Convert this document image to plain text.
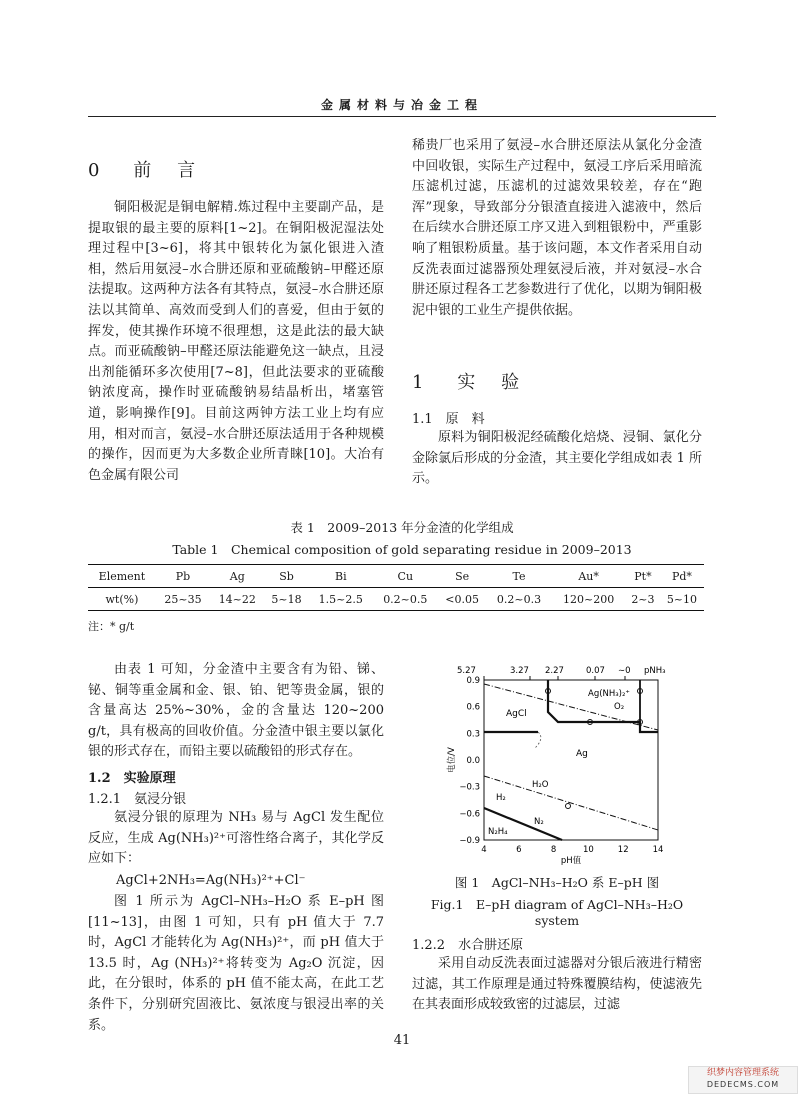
金属材料与冶金工程
0 前　言

铜阳极泥是铜电解精.炼过程中主要副产品，是提取银的最主要的原料[1~2]。在铜阳极泥湿法处理过程中[3~6]，将其中银转化为氯化银进入渣相，然后用氨浸–水合肼还原和亚硫酸钠–甲醛还原法提取。这两种方法各有其特点，氨浸–水合肼还原法以其简单、高效而受到人们的喜爱，但由于氨的挥发，使其操作环境不很理想，这是此法的最大缺点。而亚硫酸钠–甲醛还原法能避免这一缺点，且浸出剂能循环多次使用[7~8]，但此法要求的亚硫酸钠浓度高，操作时亚硫酸钠易结晶析出，堵塞管道，影响操作[9]。目前这两钟方法工业上均有应用，相对而言，氨浸–水合肼还原法适用于各种规模的操作，因而更为大多数企业所青睐[10]。大冶有色金属有限公司

稀贵厂也采用了氨浸–水合肼还原法从氯化分金渣中回收银，实际生产过程中，氨浸工序后采用暗流压滤机过滤，压滤机的过滤效果较差，存在“跑浑”现象，导致部分分银渣直接进入滤液中，然后在后续水合肼还原工序又进入到粗银粉中，严重影响了粗银粉质量。基于该问题，本文作者采用自动反洗表面过滤器预处理氨浸后液，并对氨浸–水合肼还原过程各工艺参数进行了优化，以期为铜阳极泥中银的工业生产提供依据。

1 实　验
1.1　原　料

原料为铜阳极泥经硫酸化焙烧、浸铜、氯化分金除氯后形成的分金渣，其主要化学组成如表 1 所示。

表 1　2009–2013 年分金渣的化学组成
Table 1　Chemical composition of gold separating residue in 2009–2013
Element	Pb	Ag	Sb	Bi	Cu	Se	Te	Au*	Pt*	Pd*
wt(%)	25~35	14~22	5~18	1.5~2.5	0.2~0.5	<0.05	0.2~0.3	120~200	2~3	5~10
注：* g/t

由表 1 可知，分金渣中主要含有为铅、锑、铋、铜等重金属和金、银、铂、钯等贵金属，银的含量高达 25%~30%，金的含量达 120~200 g/t，具有极高的回收价值。分金渣中银主要以氯化银的形式存在，而铅主要以硫酸铅的形式存在。

1.2　实验原理
1.2.1　氨浸分银

氨浸分银的原理为 NH₃ 易与 AgCl 发生配位反应，生成 Ag(NH₃)²⁺可溶性络合离子，其化学反应如下：

AgCl+2NH₃=Ag(NH₃)²⁺+Cl⁻

图 1 所示为 AgCl–NH₃–H₂O 系 E–pH 图[11~13]，由图 1 可知，只有 pH 值大于 7.7 时，AgCl 才能转化为 Ag(NH₃)²⁺，而 pH 值大于 13.5 时，Ag (NH₃)²⁺将转变为 Ag₂O 沉淀，因此，在分银时，体系的 pH 值不能太高，在此工艺条件下，分别研究固液比、氨浓度与银浸出率的关系。

5.27	3.27 2.27	0.07 ∼0 pNH₃
0.9
0.6
0.3
0.0
−0.3
−0.6
−0.9
4	6	8	10	12	14
pH值
电位/V
AgCl
Ag(NH₃)₂⁺
O₂
Ag
H₂O
H₂
N₂
N₂H₄
图 1　AgCl–NH₃–H₂O 系 E–pH 图
Fig.1　E–pH diagram of AgCl–NH₃–H₂O system
1.2.2　水合肼还原

采用自动反洗表面过滤器对分银后液进行精密过滤，其工作原理是通过特殊覆膜结构，使滤液先在其表面形成较致密的过滤层，过滤

41
织梦内容管理系统
DEDECMS.COM
